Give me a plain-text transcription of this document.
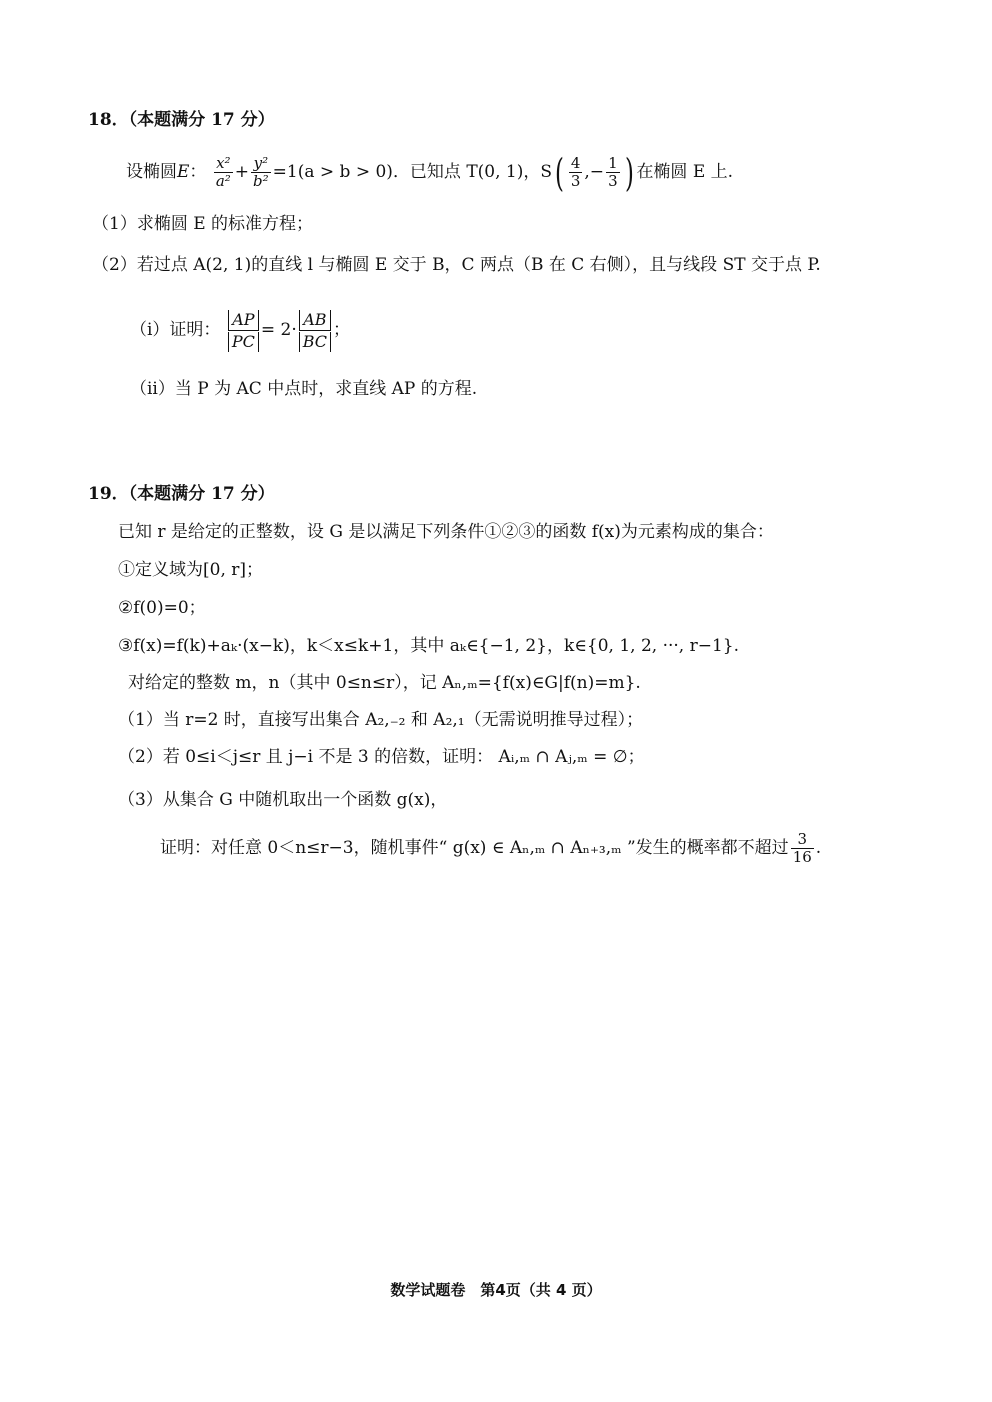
18．（本题满分 17 分）
设椭圆E： $\frac{\text{x²}}{\text{a²}} + \frac{\text{y²}}{\text{b²}} =1(a > b > 0)$．已知点 T(0, 1)，$S( \frac{4}{3}$ ,− $\frac{1}{3}$ ) 在椭圆 E 上.
（1）求椭圆 E 的标准方程；
（2）若过点 A(2, 1)的直线 l 与椭圆 E 交于 B，C 两点（B 在 C 右侧），且与线段 ST 交于点 P.
（i）证明： $\frac{AP}{PC} = 2\cdot \frac{AB}{BC}$ ；
（ii）当 P 为 AC 中点时，求直线 AP 的方程.
19．（本题满分 17 分）
已知 r 是给定的正整数，设 G 是以满足下列条件①②③的函数 f(x)为元素构成的集合：
①定义域为[0, r]；
②f(0)=0；
③f(x)=f(k)+aₖ·(x−k)，k＜x≤k+1，其中 aₖ∈{−1, 2}，k∈{0, 1, 2, ···, r−1}.
对给定的整数 m，n（其中 0≤n≤r），记 Aₙ,ₘ={f(x)∈G|f(n)=m}.
（1）当 r=2 时，直接写出集合 A₂,₋₂ 和 A₂,₁（无需说明推导过程）；
（2）若 0≤i＜j≤r 且 j−i 不是 3 的倍数，证明： Aᵢ,ₘ ∩ Aⱼ,ₘ = ∅；
（3）从集合 G 中随机取出一个函数 g(x)，
证明：对任意 0＜n≤r−3，随机事件“ g(x) ∈ Aₙ,ₘ ∩ Aₙ₊₃,ₘ ”发生的概率都不超过 $\frac{3}{16}$ .
数学试题卷　第4页（共 4 页）
